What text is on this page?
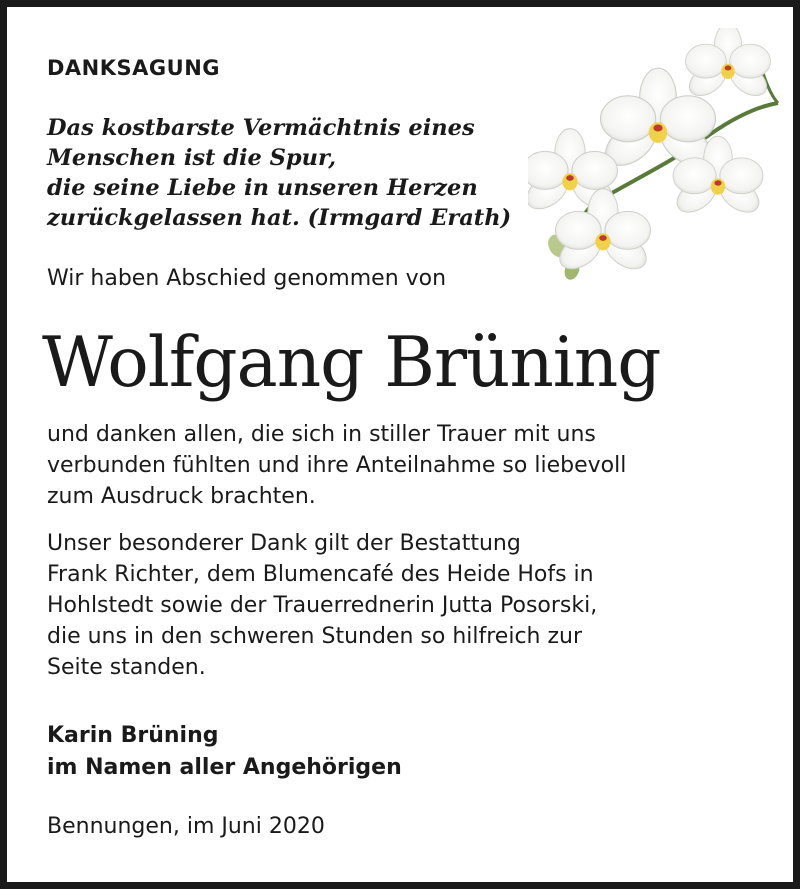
DANKSAGUNG

Das kostbarste Vermächtnis eines
Menschen ist die Spur,
die seine Liebe in unseren Herzen
zurückgelassen hat. (Irmgard Erath)

Wir haben Abschied genommen von

Wolfgang Brüning

und danken allen, die sich in stiller Trauer mit uns
verbunden fühlten und ihre Anteilnahme so liebevoll
zum Ausdruck brachten.

Unser besonderer Dank gilt der Bestattung
Frank Richter, dem Blumencafé des Heide Hofs in
Hohlstedt sowie der Trauerrednerin Jutta Posorski,
die uns in den schweren Stunden so hilfreich zur
Seite standen.

Karin Brüning
im Namen aller Angehörigen

Bennungen, im Juni 2020
